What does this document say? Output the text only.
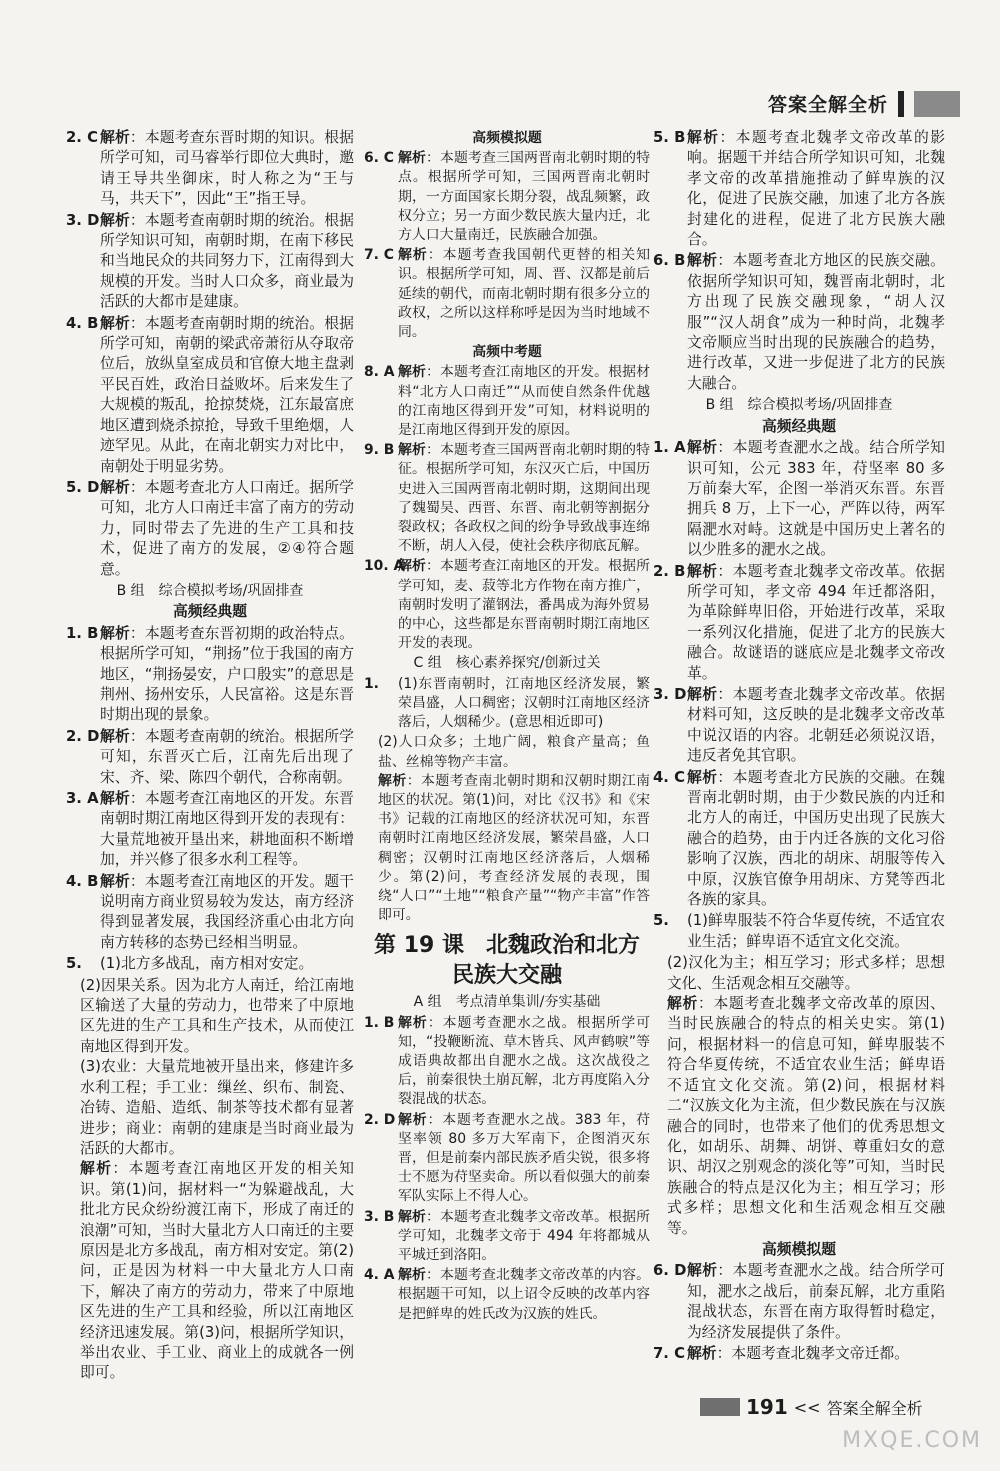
答案全解全析
2. C 解析：本题考查东晋时期的知识。根据所学可知，司马睿举行即位大典时，邀请王导共坐御床，时人称之为“王与马，共天下”，因此“王”指王导。
3. D 解析：本题考查南朝时期的统治。根据所学知识可知，南朝时期，在南下移民和当地民众的共同努力下，江南得到大规模的开发。当时人口众多，商业最为活跃的大都市是建康。
4. B 解析：本题考查南朝时期的统治。根据所学可知，南朝的梁武帝萧衍从夺取帝位后，放纵皇室成员和官僚大地主盘剥平民百姓，政治日益败坏。后来发生了大规模的叛乱，抢掠焚烧，江东最富庶地区遭到烧杀掠抢，导致千里绝烟，人迹罕见。从此，在南北朝实力对比中，南朝处于明显劣势。
5. D 解析：本题考查北方人口南迁。据所学可知，北方人口南迁丰富了南方的劳动力，同时带去了先进的生产工具和技术，促进了南方的发展，②④符合题意。
B 组　综合模拟考场/巩固排查
高频经典题
1. B 解析：本题考查东晋初期的政治特点。根据所学可知，“荆扬”位于我国的南方地区，“荆扬晏安，户口殷实”的意思是荆州、扬州安乐，人民富裕。这是东晋时期出现的景象。
2. D 解析：本题考查南朝的统治。根据所学可知，东晋灭亡后，江南先后出现了宋、齐、梁、陈四个朝代，合称南朝。
3. A 解析：本题考查江南地区的开发。东晋南朝时期江南地区得到开发的表现有：大量荒地被开垦出来，耕地面积不断增加，并兴修了很多水利工程等。
4. B 解析：本题考查江南地区的开发。题干说明南方商业贸易较为发达，南方经济得到显著发展，我国经济重心由北方向南方转移的态势已经相当明显。
5.	(1)北方多战乱，南方相对安定。
(2)因果关系。因为北方人南迁，给江南地区输送了大量的劳动力，也带来了中原地区先进的生产工具和生产技术，从而使江南地区得到开发。
(3)农业：大量荒地被开垦出来，修建许多水利工程；手工业：缫丝、织布、制瓷、冶铸、造船、造纸、制茶等技术都有显著进步；商业：南朝的建康是当时商业最为活跃的大都市。
解析：本题考查江南地区开发的相关知识。第(1)问，据材料一“为躲避战乱，大批北方民众纷纷渡江南下，形成了南迁的浪潮”可知，当时大量北方人口南迁的主要原因是北方多战乱，南方相对安定。第(2)问，正是因为材料一中大量北方人口南下，解决了南方的劳动力，带来了中原地区先进的生产工具和经验，所以江南地区经济迅速发展。第(3)问，根据所学知识，举出农业、手工业、商业上的成就各一例即可。
高频模拟题
6. C 解析：本题考查三国两晋南北朝时期的特点。根据所学可知，三国两晋南北朝时期，一方面国家长期分裂，战乱频繁，政权分立；另一方面少数民族大量内迁，北方人口大量南迁，民族融合加强。
7. C 解析：本题考查我国朝代更替的相关知识。根据所学可知，周、晋、汉都是前后延续的朝代，而南北朝时期有很多分立的政权，之所以这样称呼是因为当时地域不同。
高频中考题
8. A 解析：本题考查江南地区的开发。根据材料“北方人口南迁”“从而使自然条件优越的江南地区得到开发”可知，材料说明的是江南地区得到开发的原因。
9. B 解析：本题考查三国两晋南北朝时期的特征。根据所学可知，东汉灭亡后，中国历史进入三国两晋南北朝时期，这期间出现了魏蜀吴、西晋、东晋、南北朝等割据分裂政权；各政权之间的纷争导致战事连绵不断，胡人入侵，使社会秩序彻底瓦解。
10. A
解析：本题考查江南地区的开发。根据所学可知，麦、菽等北方作物在南方推广，南朝时发明了灌钢法，番禺成为海外贸易的中心，这些都是东晋南朝时期江南地区开发的表现。
C 组　核心素养探究/创新过关
1.	(1)东晋南朝时，江南地区经济发展，繁荣昌盛，人口稠密；汉朝时江南地区经济落后，人烟稀少。(意思相近即可)
(2)人口众多；土地广阔，粮食产量高；鱼盐、丝棉等物产丰富。
解析：本题考查南北朝时期和汉朝时期江南地区的状况。第(1)问，对比《汉书》和《宋书》记载的江南地区的经济状况可知，东晋南朝时江南地区经济发展，繁荣昌盛，人口稠密；汉朝时江南地区经济落后，人烟稀少。第(2)问，考查经济发展的表现，围绕“人口”“土地”“粮食产量”“物产丰富”作答即可。
第 19 课　北魏政治和北方民族大交融
A 组　考点清单集训/夯实基础
1. B 解析：本题考查淝水之战。根据所学可知，“投鞭断流、草木皆兵、风声鹤唳”等成语典故都出自淝水之战。这次战役之后，前秦很快土崩瓦解，北方再度陷入分裂混战的状态。
2. D 解析：本题考查淝水之战。383 年，苻坚率领 80 多万大军南下，企图消灭东晋，但是前秦内部民族矛盾尖锐，很多将士不愿为苻坚卖命。所以看似强大的前秦军队实际上不得人心。
3. B 解析：本题考查北魏孝文帝改革。根据所学可知，北魏孝文帝于 494 年将都城从平城迁到洛阳。
4. A 解析：本题考查北魏孝文帝改革的内容。根据题干可知，以上诏令反映的改革内容是把鲜卑的姓氏改为汉族的姓氏。
5. B 解析：本题考查北魏孝文帝改革的影响。据题干并结合所学知识可知，北魏孝文帝的改革措施推动了鲜卑族的汉化，促进了民族交融，加速了北方各族封建化的进程，促进了北方民族大融合。
6. B 解析：本题考查北方地区的民族交融。依据所学知识可知，魏晋南北朝时，北方出现了民族交融现象，“胡人汉服”“汉人胡食”成为一种时尚，北魏孝文帝顺应当时出现的民族融合的趋势，进行改革，又进一步促进了北方的民族大融合。
B 组　综合模拟考场/巩固排查
高频经典题
1. A 解析：本题考查淝水之战。结合所学知识可知，公元 383 年，苻坚率 80 多万前秦大军，企图一举消灭东晋。东晋拥兵 8 万，上下一心，严阵以待，两军隔淝水对峙。这就是中国历史上著名的以少胜多的淝水之战。
2. B 解析：本题考查北魏孝文帝改革。依据所学可知，孝文帝 494 年迁都洛阳，为革除鲜卑旧俗，开始进行改革，采取一系列汉化措施，促进了北方的民族大融合。故谜语的谜底应是北魏孝文帝改革。
3. D 解析：本题考查北魏孝文帝改革。依据材料可知，这反映的是北魏孝文帝改革中说汉语的内容。北朝廷必须说汉语，违反者免其官职。
4. C 解析：本题考查北方民族的交融。在魏晋南北朝时期，由于少数民族的内迁和北方人的南迁，中国历史出现了民族大融合的趋势，由于内迁各族的文化习俗影响了汉族，西北的胡床、胡服等传入中原，汉族官僚争用胡床、方凳等西北各族的家具。
5.	(1)鲜卑服装不符合华夏传统，不适宜农业生活；鲜卑语不适宜文化交流。
(2)汉化为主；相互学习；形式多样；思想文化、生活观念相互交融等。
解析：本题考查北魏孝文帝改革的原因、当时民族融合的特点的相关史实。第(1)问，根据材料一的信息可知，鲜卑服装不符合华夏传统，不适宜农业生活；鲜卑语不适宜文化交流。第(2)问，根据材料二“汉族文化为主流，但少数民族在与汉族融合的同时，也带来了他们的优秀思想文化，如胡乐、胡舞、胡饼、尊重妇女的意识、胡汉之别观念的淡化等”可知，当时民族融合的特点是汉化为主；相互学习；形式多样；思想文化和生活观念相互交融等。
高频模拟题
6. D 解析：本题考查淝水之战。结合所学可知，淝水之战后，前秦瓦解，北方重陷混战状态，东晋在南方取得暂时稳定，为经济发展提供了条件。
7. C 解析：本题考查北魏孝文帝迁都。
191 << 答案全解全析
MXQE.COM
